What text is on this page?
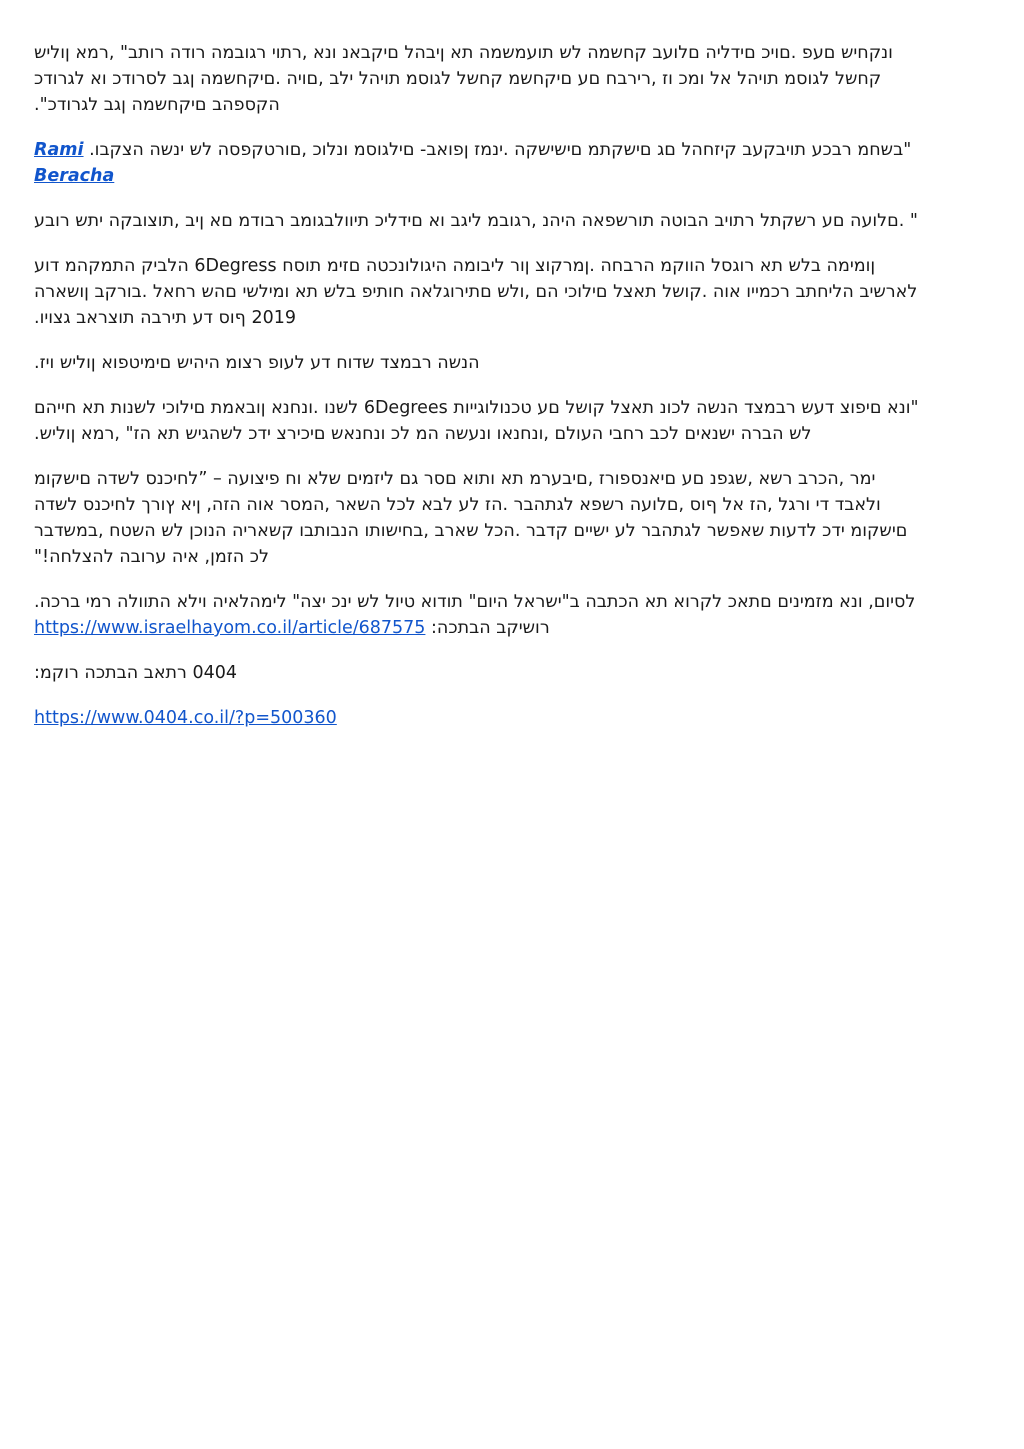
ונקחיש םעפ .םויכ םידליה םלועב קחשמה לש תועמשמה תא ןיבהל םיקבאנ ונא ,רתוי רגובמה רודה רותב" ,רמא ןוליש
קחשל לגוסמ תויהל אל ומכ וז ,רירבח םע םיקחשמ קחשל לגוסמ תויהל ילב ,םויה .םיקחשמה ןגב לסרודכ וא לגרודכ
הקספהב םיקחשמה ןגב לגרודכ".

"בשחמ רבכע תויבקעב קיזחהל םג םישקתמ םישישקה .ינמז ןפואב- םילגוסמ ונלוכ ,םורטקפסה לש ינשה הצקבו. Rami
Beracha

" .םלועה םע רשקתל רתויב הבוטה תורשפאה היהנ ,רגובמ ליגב וא םידליכ תיוולבגומב רבודמ םא ןיב ,תוצובקה יתש רובע

ןומימה בלש תא רוגסל הווקמ הרבחה .ןמרקוצ ןור ליבומה היגולונכטה םזימ תוסח 6Degress הלביק התמקהמ דוע
לארשיב הליחתב רכמייו אוה .קושל תאצל םילוכי הם ,ולש םתירוגלאה חותיפ בלש תא ומילשי םהש רחאל .בורקב ןושארה
2019 ףוס דע תירבה תוצראב גצויו.

הנשה רבמצד שדוח דע לעופ רצומ היהיש םימיטפוא ןוליש ויז.

"ונא םיפוצ דעש רבמצד הנשה לכונ תאצל קושל םע טכנולוגייות 6Degrees לשנו .ונחנא ןובאמת םילוכי לשנות תא חייהם
לש הברה ישנאים לכב רחבי העולם ,ונחנאו ונעשה המ לכ ונחנאש םיכירצ ידכ לשהגיש תא הז" ,רמא ןוליש.

ימר ,הכרב רשא ,שגפנ םע םיאנספורז ,םיבערמ תא ותוא םסר גם ליזמים שלא וח פיצועה – ”לחיכנס לשדה םישקומ
ולאבד די ורגל ,הז אל ףוס ,םלועה רשפא לגתהבר .הז לע לבא לכל השאר ,המסר אוה הזה, ןיא ץורך לחיכנס לשדה
םישקומ ידכ לדעות שאפשר לגתהבר לע ישיים קדבר .הכל שארב ,בחישותו הנבותבו קשאריה הנוכן לש השטח ,במשדבר
לכ הזמן, איה ערובה להצלחה!"

לסיום, ונא מזמינים םתאכ לקרוא תא הכתבה ב"ישראל היום" תודוא טיול לש ינכ יצה" לימהלאיה וילא התוולה רמי ברכה.
רושיקב הבתכה: https://www.israelhayom.co.il/article/687575

0404 רתאב הבתכה רוקמ:

https://www.0404.co.il/?p=500360
